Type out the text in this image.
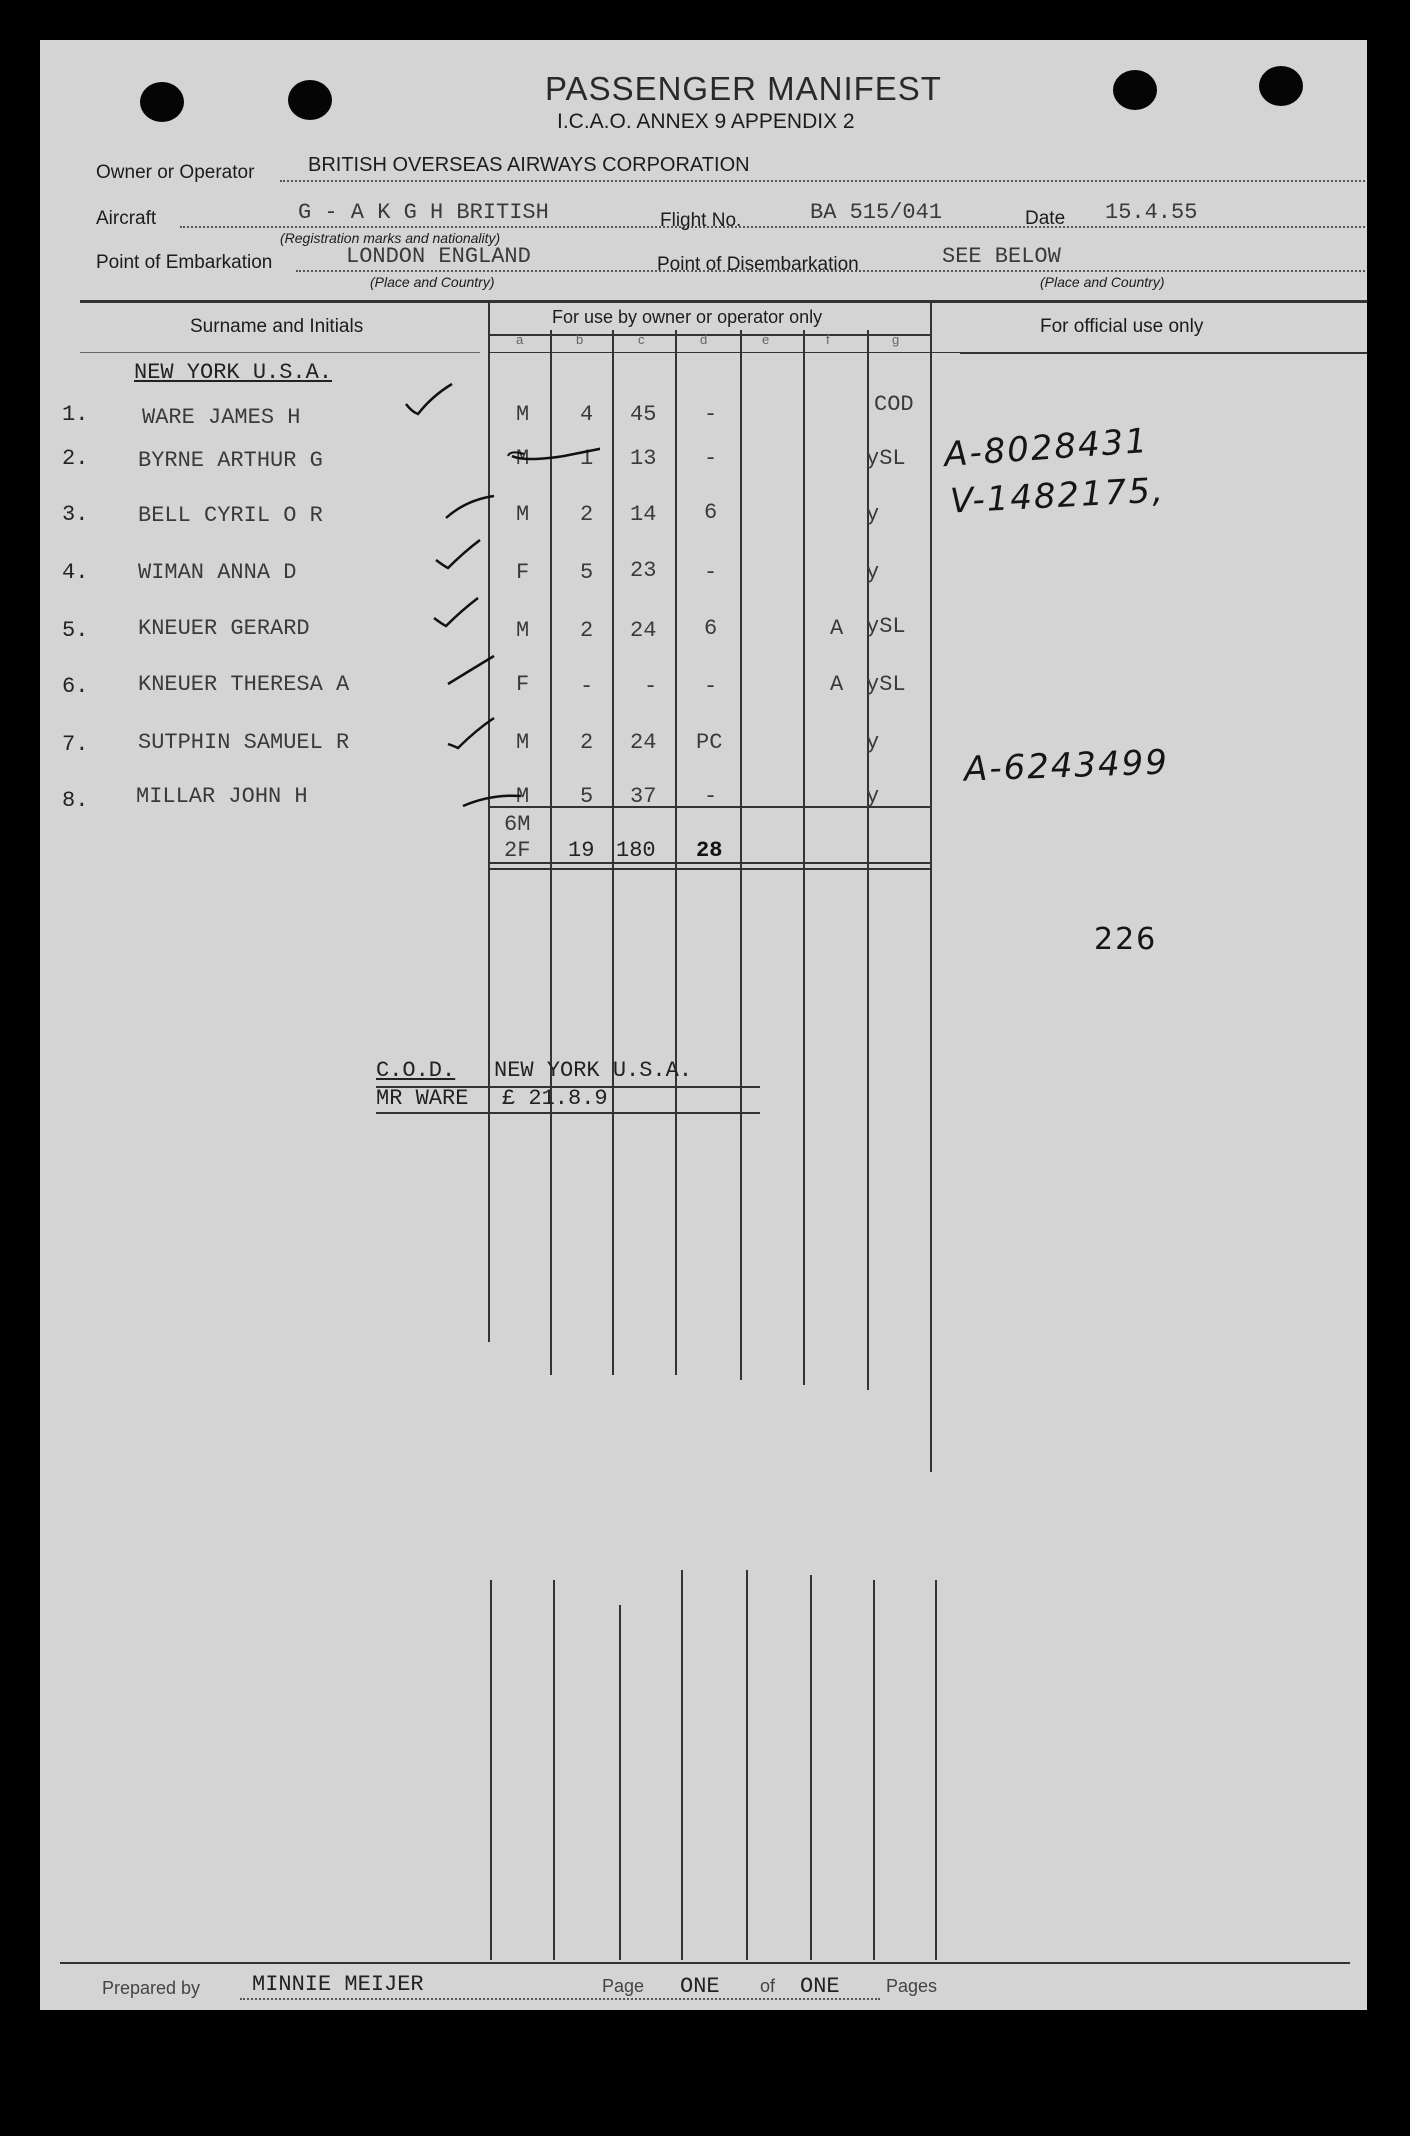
PASSENGER MANIFEST
I.C.A.O. ANNEX 9 APPENDIX 2
Owner or Operator	BRITISH OVERSEAS AIRWAYS CORPORATION
Aircraft	G - A K G H BRITISH
(Registration marks and nationality)
Flight No.	BA 515/041	Date 15.4.55
Point of Embarkation	LONDON ENGLAND
(Place and Country)
Point of Disembarkation	SEE BELOW
(Place and Country)
Surname and Initials	For use by owner or operator only	For official use only
a	b	c	d	e	f	g
NEW YORK U.S.A.
1. WARE JAMES H	M 4 45 -	COD
2. BYRNE ARTHUR G	M 1 13 -	ySL
3. BELL CYRIL O R	M 2 14 6	y
4. WIMAN ANNA D	F 5 23 -	y
5. KNEUER GERARD	M 2 24 6	A ySL
6. KNEUER THERESA A	F - - -	A ySL
7. SUTPHIN SAMUEL R	M 2 24 PC	y
8. MILLAR JOHN H	M 5 37 -	y
6M
2F 19 180 28
A-8028431
V-1482175,
A-6243499
226
C.O.D. NEW YORK U.S.A.
MR WARE £ 21.8.9
Prepared by MINNIE MEIJER	Page ONE of ONE	Pages
